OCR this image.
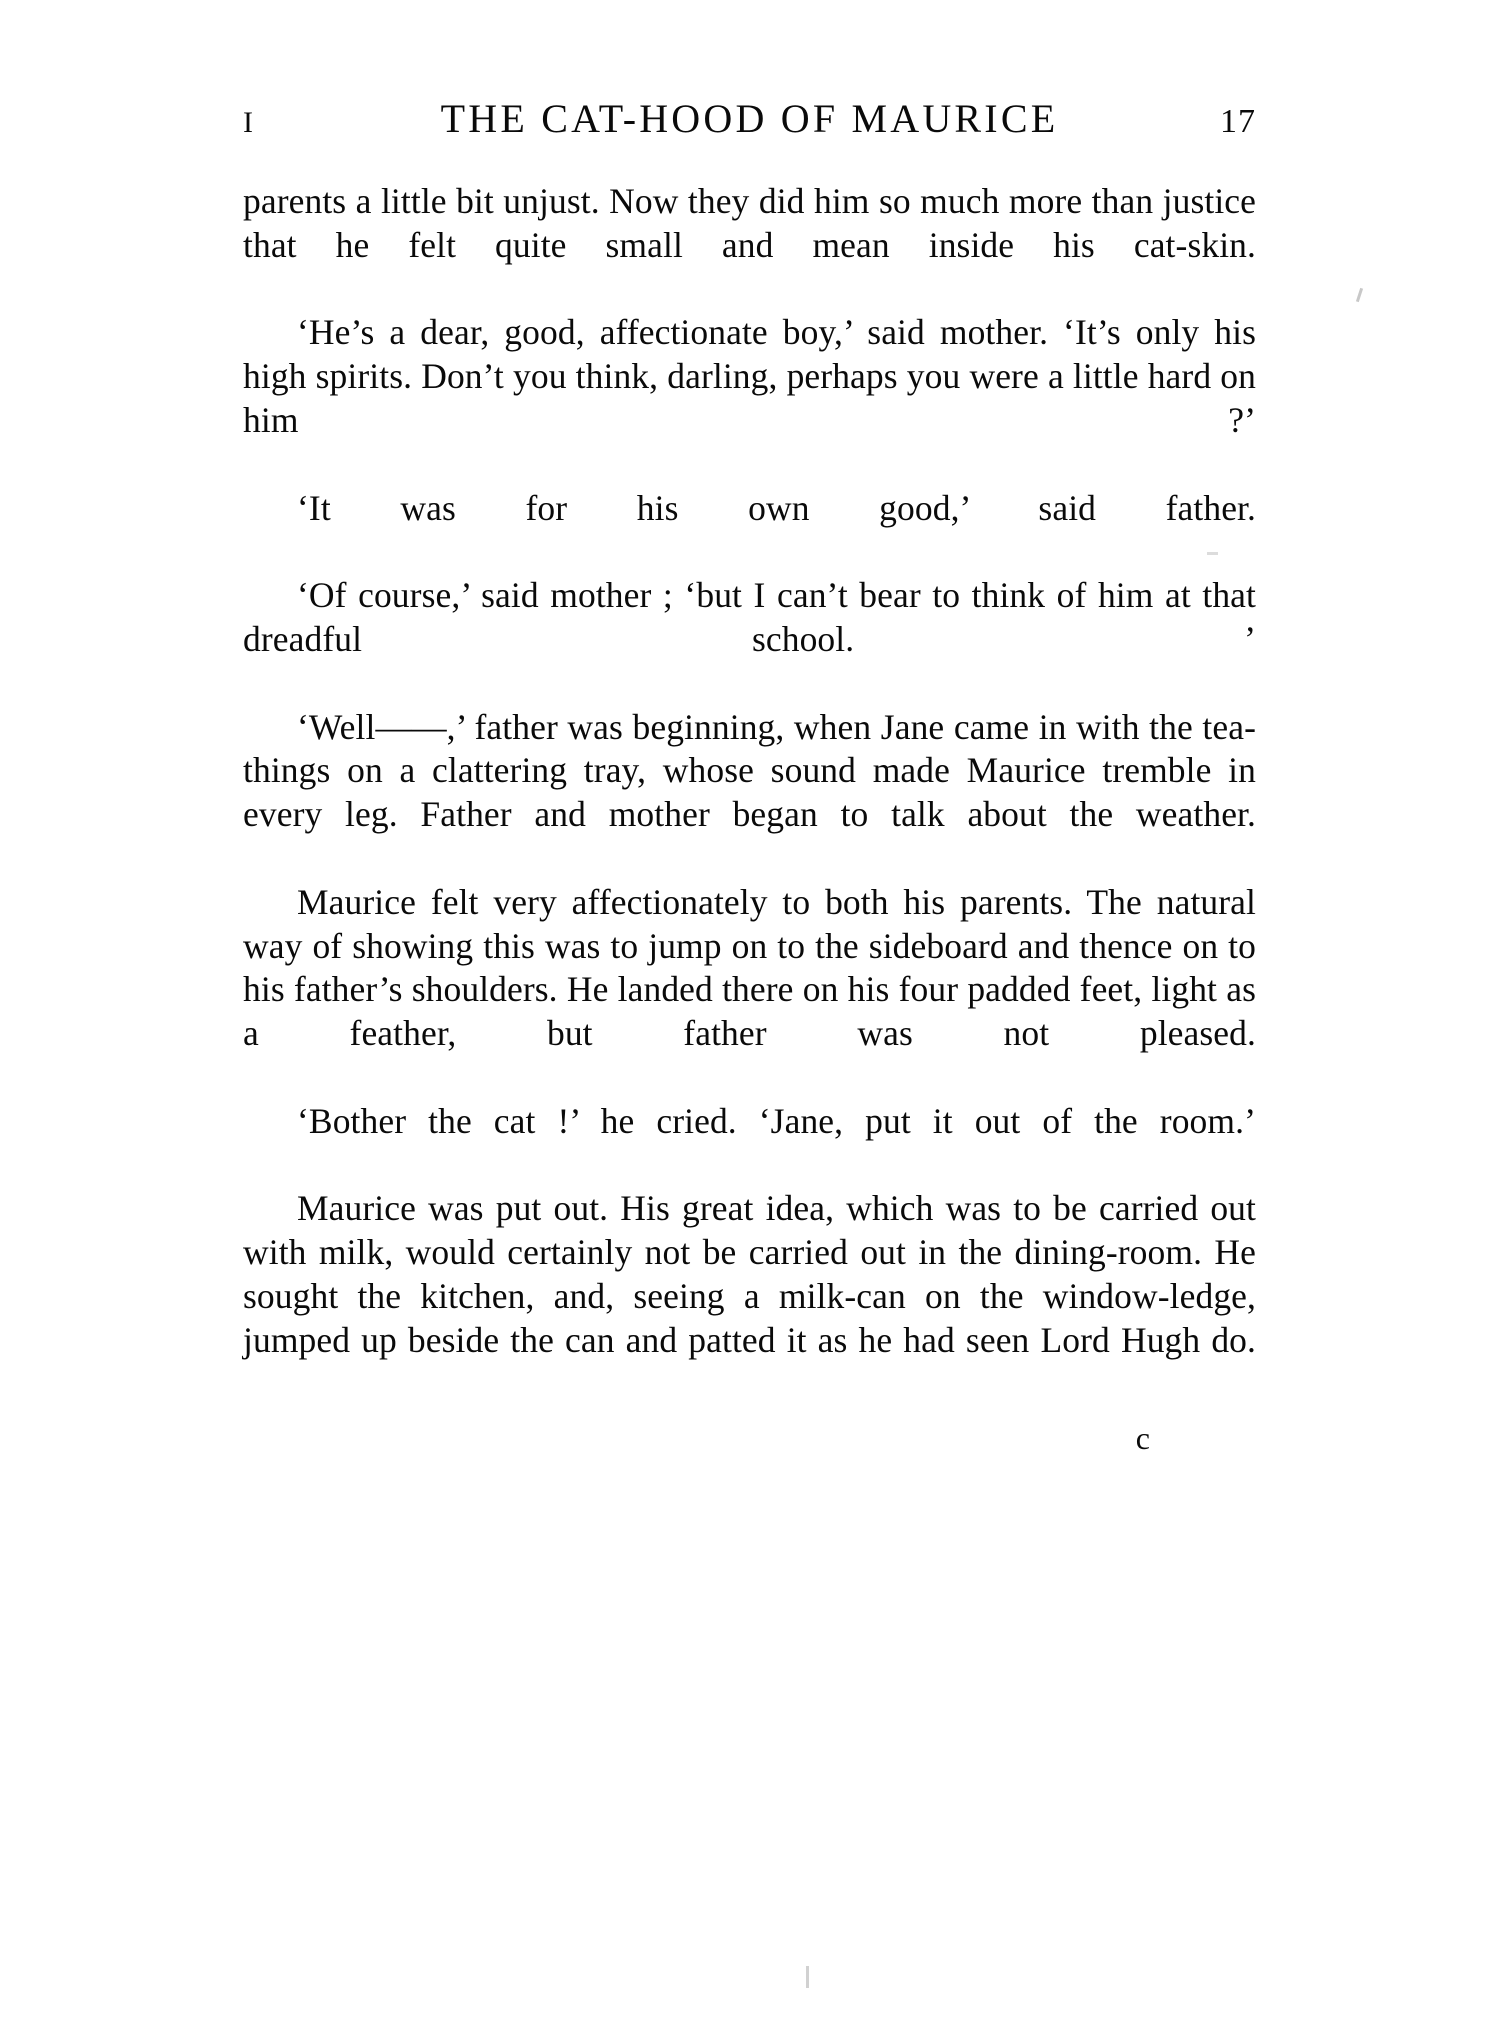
I	THE CAT-HOOD OF MAURICE	17

parents a little bit unjust. Now they did him so much more than justice that he felt quite small and mean inside his cat-skin.

‘He’s a dear, good, affectionate boy,’ said mother. ‘It’s only his high spirits. Don’t you think, darling, perhaps you were a little hard on him ?’

‘It was for his own good,’ said father.

‘Of course,’ said mother ; ‘but I can’t bear to think of him at that dreadful school. ’

‘Well——,’ father was beginning, when Jane came in with the tea-things on a clattering tray, whose sound made Maurice tremble in every leg. Father and mother began to talk about the weather.

Maurice felt very affectionately to both his parents. The natural way of showing this was to jump on to the sideboard and thence on to his father’s shoulders. He landed there on his four padded feet, light as a feather, but father was not pleased.

‘Bother the cat !’ he cried. ‘Jane, put it out of the room.’

Maurice was put out. His great idea, which was to be carried out with milk, would certainly not be carried out in the dining-room. He sought the kitchen, and, seeing a milk-can on the window-ledge, jumped up beside the can and patted it as he had seen Lord Hugh do.

c
